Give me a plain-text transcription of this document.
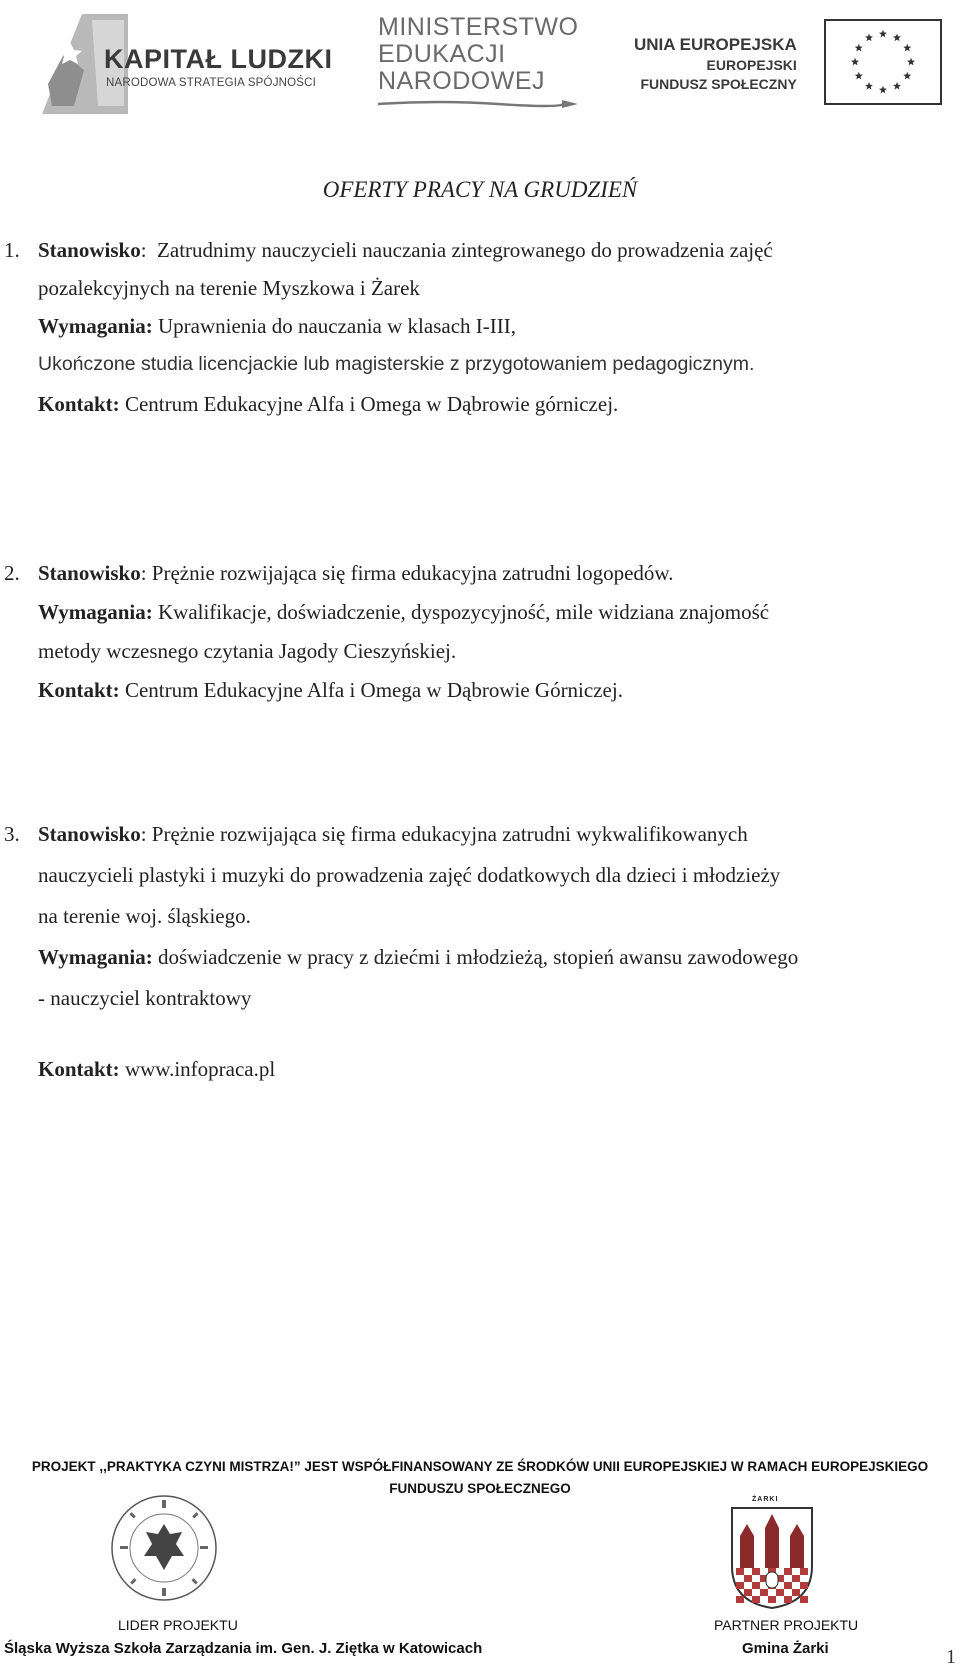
KAPITAŁ LUDZKI
NARODOWA STRATEGIA SPÓJNOŚCI
MINISTERSTWO
EDUKACJI
NARODOWEJ
UNIA EUROPEJSKA
EUROPEJSKI
FUNDUSZ SPOŁECZNY
OFERTY PRACY NA GRUDZIEŃ
1. Stanowisko:  Zatrudnimy nauczycieli nauczania zintegrowanego do prowadzenia zajęć
pozalekcyjnych na terenie Myszkowa i Żarek
Wymagania: Uprawnienia do nauczania w klasach I-III,
Ukończone studia licencjackie lub magisterskie z przygotowaniem pedagogicznym.
Kontakt: Centrum Edukacyjne Alfa i Omega w Dąbrowie górniczej.
2. Stanowisko: Prężnie rozwijająca się firma edukacyjna zatrudni logopedów.
Wymagania: Kwalifikacje, doświadczenie, dyspozycyjność, mile widziana znajomość
metody wczesnego czytania Jagody Cieszyńskiej.
Kontakt: Centrum Edukacyjne Alfa i Omega w Dąbrowie Górniczej.
3. Stanowisko: Prężnie rozwijająca się firma edukacyjna zatrudni wykwalifikowanych
nauczycieli plastyki i muzyki do prowadzenia zajęć dodatkowych dla dzieci i młodzieży
na terenie woj. śląskiego.
Wymagania: doświadczenie w pracy z dziećmi i młodzieżą, stopień awansu zawodowego
- nauczyciel kontraktowy
Kontakt: www.infopraca.pl
PROJEKT ,,PRAKTYKA CZYNI MISTRZA!” JEST WSPÓŁFINANSOWANY ZE ŚRODKÓW UNII EUROPEJSKIEJ W RAMACH EUROPEJSKIEGO
FUNDUSZU SPOŁECZNEGO
ŻARKI
LIDER PROJEKTU
Śląska Wyższa Szkoła Zarządzania im. Gen. J. Ziętka w Katowicach
PARTNER PROJEKTU
Gmina Żarki	1
